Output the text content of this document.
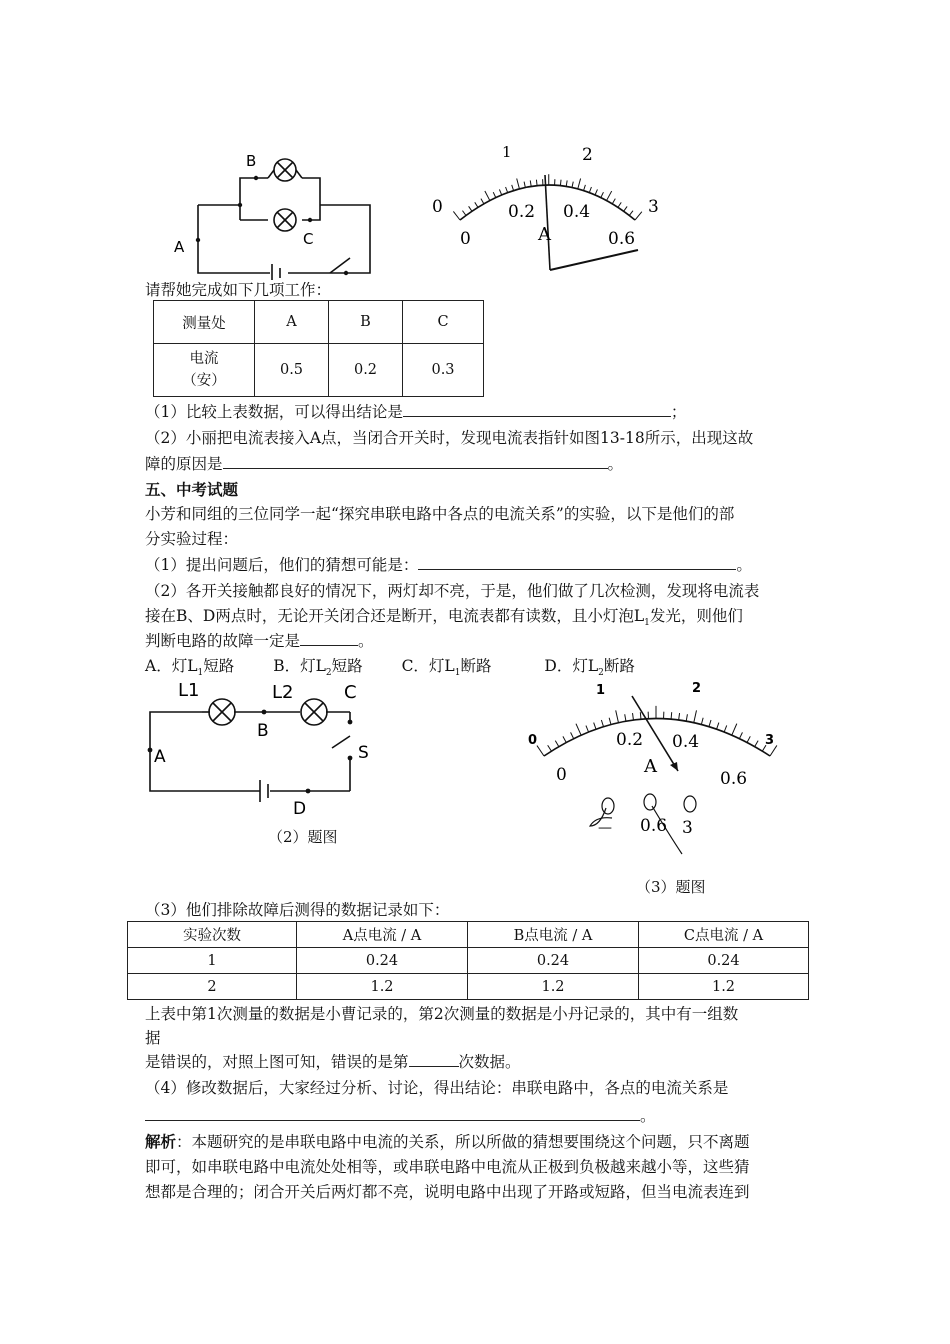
B
A	C
0
1	2
3
0
0.2 0.4
0.6
A
请帮她完成如下几项工作：
测量处	A	B	C
电流
（安）	0.5	0.2	0.3
（1）比较上表数据，可以得出结论是	；
（2）小丽把电流表接入A点，当闭合开关时，发现电流表指针如图13-18所示，出现这故
障的原因是	。
五、中考试题
小芳和同组的三位同学一起“探究串联电路中各点的电流关系”的实验，以下是他们的部
分实验过程：
（1）提出问题后，他们的猜想可能是：	。
（2）各开关接触都良好的情况下，两灯却不亮，于是，他们做了几次检测，发现将电流表
接在B、D两点时，无论开关闭合还是断开，电流表都有读数，且小灯泡$L_1$发光，则他们
判断电路的故障一定是	。
A．灯$L_1$短路	B．灯$L_2$短路	C．灯$L_1$断路	D．灯$L_2$断路
L1	L2	C
B
A	S
D
（2）题图
0
1	2
3
0
0.2 0.4
0.6
A
— 0.6 3
（3）题图
（3）他们排除故障后测得的数据记录如下：
实验次数	A点电流 / A	B点电流 / A	C点电流 / A
1	0.24	0.24	0.24
2	1.2	1.2	1.2
上表中第1次测量的数据是小曹记录的，第2次测量的数据是小丹记录的，其中有一组数
据
是错误的，对照上图可知，错误的是第	次数据。
（4）修改数据后，大家经过分析、讨论，得出结论：串联电路中，各点的电流关系是
。
解析：本题研究的是串联电路中电流的关系，所以所做的猜想要围绕这个问题，只不离题
即可，如串联电路中电流处处相等，或串联电路中电流从正极到负极越来越小等，这些猜
想都是合理的；闭合开关后两灯都不亮，说明电路中出现了开路或短路，但当电流表连到
